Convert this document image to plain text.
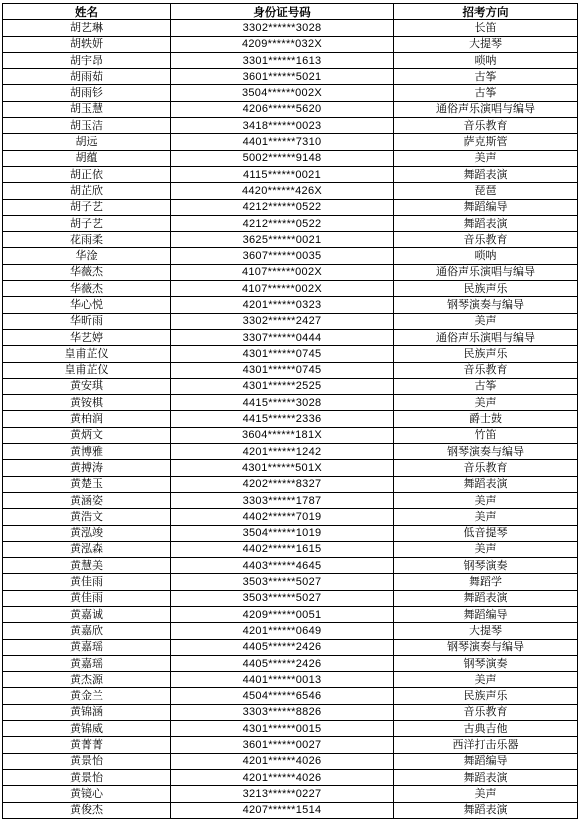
姓名	身份证号码	招考方向
胡艺琳	3302******3028	长笛
胡轶妍	4209******032X	大提琴
胡宇昂	3301******1613	唢呐
胡雨茹	3601******5021	古筝
胡雨钐	3504******002X	古筝
胡玉慧	4206******5620	通俗声乐演唱与编导
胡玉洁	3418******0023	音乐教育
胡远	4401******7310	萨克斯管
胡蕴	5002******9148	美声
胡正依	4115******0021	舞蹈表演
胡芷欣	4420******426X	琵琶
胡子艺	4212******0522	舞蹈编导
胡子艺	4212******0522	舞蹈表演
花雨柔	3625******0021	音乐教育
华淦	3607******0035	唢呐
华薇杰	4107******002X	通俗声乐演唱与编导
华薇杰	4107******002X	民族声乐
华心悦	4201******0323	钢琴演奏与编导
华昕雨	3302******2427	美声
华艺婷	3307******0444	通俗声乐演唱与编导
皇甫芷仪	4301******0745	民族声乐
皇甫芷仪	4301******0745	音乐教育
黄安琪	4301******2525	古筝
黄铵棋	4415******3028	美声
黄柏润	4415******2336	爵士鼓
黄炳文	3604******181X	竹笛
黄博雅	4201******1242	钢琴演奏与编导
黄搏涛	4301******501X	音乐教育
黄楚玉	4202******8327	舞蹈表演
黄涵姿	3303******1787	美声
黄浩文	4402******7019	美声
黄泓竣	3504******1019	低音提琴
黄泓森	4402******1615	美声
黄慧美	4403******4645	钢琴演奏
黄佳雨	3503******5027	舞蹈学
黄佳雨	3503******5027	舞蹈表演
黄嘉诚	4209******0051	舞蹈编导
黄嘉欣	4201******0649	大提琴
黄嘉瑶	4405******2426	钢琴演奏与编导
黄嘉瑶	4405******2426	钢琴演奏
黄杰源	4401******0013	美声
黄金兰	4504******6546	民族声乐
黄锦涵	3303******8826	音乐教育
黄锦威	4301******0015	古典吉他
黄菁菁	3601******0027	西洋打击乐器
黄景怡	4201******4026	舞蹈编导
黄景怡	4201******4026	舞蹈表演
黄镜心	3213******0227	美声
黄俊杰	4207******1514	舞蹈表演
